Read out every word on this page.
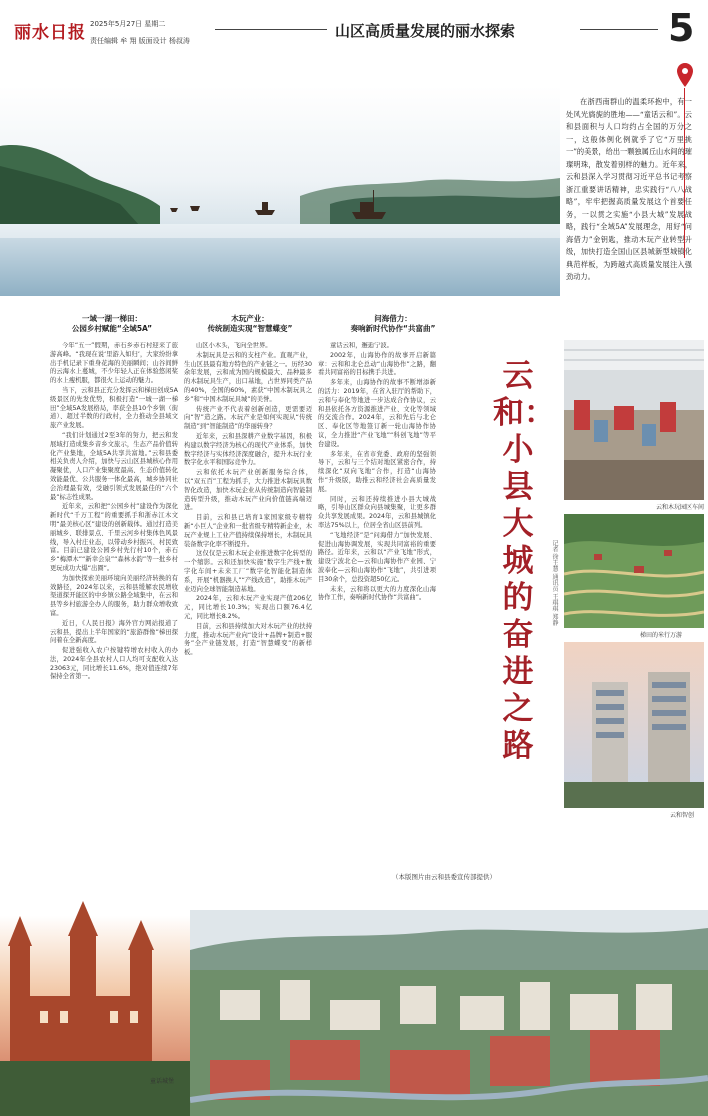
丽水日报 2025年5月27日 星期二
责任编辑 牟 翔 版面设计 杨叔涛
山区高质量发展的丽水探索	5
在浙西南群山的温柔环抱中，有一处风光旖旎的胜地——“童话云和”。云和县面积与人口均约占全国的万分之一，这般体例化例就乎了它“万里挑一”的美景，给出一颗独属丘山水间的璀璨明珠，散发着别样的魅力。近年来，云和县深入学习贯彻习近平总书记考察浙江重要讲话精神，忠实践行“八八战略”，牢牢把握高质量发展这个首要任务，一以贯之实施“小县大城”发展战略，践行“全域5A”发展理念，用好“问海借力”金钥匙，推动木玩产业转型升级，加快打造全国山区县城新型城镇化典范样板，为跨越式高质量发展注入强劲动力。
一域一湖一梯田：
公园乡村赋能“全域5A”
木玩产业：
传统制造实现“智慧蝶变”
问海借力：
奏响新时代协作“共富曲”

今年“五一”假期，赤石乡赤石村迎来了旅游高峰。“我现在说‘里游入如归’，大家纷纷拿出手机记录下重身花海的美丽瞬间；山谷间鲜的云海水上蔓城，不少年轻人正在体验悠闲桨的水上瘦机服，都很火上运动的魅力。

当下，云和县正充分发挥云和梯田创成5A级景区的先发优势，积极打造“一城一湖一梯田”全域5A发展格局，率获全县10个乡镇（街道）、超过半数的行政村，全力推动全县域文旅产业发展。

“我们计划通过2至3年的努力，把云和发展域打造成集乡音乡文旅示，生态产品价值转化产业集地，全域5A共享共富地。”云和县委相关负责人介绍，加快与云山区县城核心作用凝聚优，人口产业集聚度最高、生态价值转化效能最优、公共服务一体化最高，城乡协同社会治理最有效，受融引领式发展最佳的“六个最”标志性成果。

近年来，云和把“公园乡村”建设作为深化新时代“千万工程”的重要抓手和浙赤江木文明“最美核心区”建设的创新载体。通过打造美丽城乡、联排景点、千里云河乡村集体色风景线，导入村庄业态，以带动乡村振兴、村民致富。目前已建设公园乡村先行村10个，赤石乡“梅潭木”“新幸会泉”“森林水韵”等一批乡村更玩成功大爆“出圈”。

为加快探索美丽环境向美丽经济转换的有效路径，2024年以来，云和县缓解农民增收渠道探开能区的中乡镇公路全域集中，在云和县等乡村旅游全办人的服务，助力群众增收致富。

近日，《人民日报》海外官方网站报道了云和县，提出上半年国家的“旅游群像”梯田探问着在全新高度。

促进强收入农户按键特增农村收入的办法，2024年全县农村人口人均可支配收入达23063元，同比增长11.6%，绝对值连续7年保持全省第一。

山区小木头，飞向全世界。

木制玩具是云和的支柱产业。直观产业，生山区县最有地方特色的产业链之一。历经30余年发展，云和成为国内规模最大、品种最多的木制玩具生产，出口基地，占世界同类产品的40%，全国的60%，素获“中国木制玩具之乡”和“中国木制玩具城”的美誉。

传统产业不代表着创新创造，更需要迈向“智”造之路。木玩产业是如何实现从“传统制造”到“智能制造”的华丽转身？

近年来，云和县深耕产业数字基因，积极构建以数字经济为核心的现代产业体系，加快数字经济与实体经济深度融合，提升木玩行业数字化水平和国际竞争力。

云和依托木玩产业创新服务综合体，以“双五百”工程为抓手，大力推进木制玩具数智化改造，加快木玩企业从传统制造向智能制造转型升级，推动木玩产业向价值链高端迈进。

目前，云和县已培育1家国家级专精特新“小巨人”企业和一批省级专精特新企业，木玩产业规上工业产值持续保持增长，木制玩具装备数字化率不断提升。

这仅仅是云和木玩企业推进数字化转型的一个缩影。云和还加快实施“数字生产线+数字化车间+未来工厂”数字化智能化制造体系，开展“机器换人”“产线改造”，助推木玩产业迈向全球智能制造基地。

2024年，云和木玩产业实现产值206亿元，同比增长10.3%；实现出口额76.4亿元，同比增长8.2%。

目前，云和县持续加大对木玩产业的扶持力度，推动木玩产业向“设计+品牌+制造+服务”全产业链发展，打造“智慧蝶变”的新样板。

童话云和，邂逅宁波。

2002年，山海协作的故事开启新篇章：云和和北仑总动“山海协作”之路，翻看共同富裕的目标携手共进。

多年来，山海协作的故事不断增添新的活力：2019年，在省入驻厅的帮助下，云和与奉化等地进一步达成合作协议，云和县依托各方资源推进产业、文化等领域的交流合作。2024年，云和先后与北仑区、奉化区等地签订新一轮山海协作协议，全力推进“产业飞地”“科创飞地”等平台建设。

多年来，在省市党委、政府的坚强领导下，云和与三个结对地区紧密合作，持续深化“双向飞地”合作，打造“山海协作”升级版，助推云和经济社会高质量发展。

同时，云和还持续推进小县大城战略，引导山区群众向县城集聚，让更多群众共享发展成果。2024年，云和县城镇化率达75%以上，位居全省山区县前列。

“飞地经济”是“问海借力”加快发展、促进山海协调发展，实现共同富裕的重要路径。近年来，云和以“产业飞地”形式，建设宁波北仑—云和山海协作产业园、宁波奉化—云和山海协作“飞地”，共引进项目30余个，总投资超50亿元。

未来，云和将以更大的力度深化山海协作工作，奏响新时代协作“共富曲”。

云和：小县大城的奋进之路
记者 徐王慧 通讯员 王琪琪 郑静
云和木玩园区车间
梯田的米行万游
云和智创
（本版图片由云和县委宣传部提供）
童话城堡
